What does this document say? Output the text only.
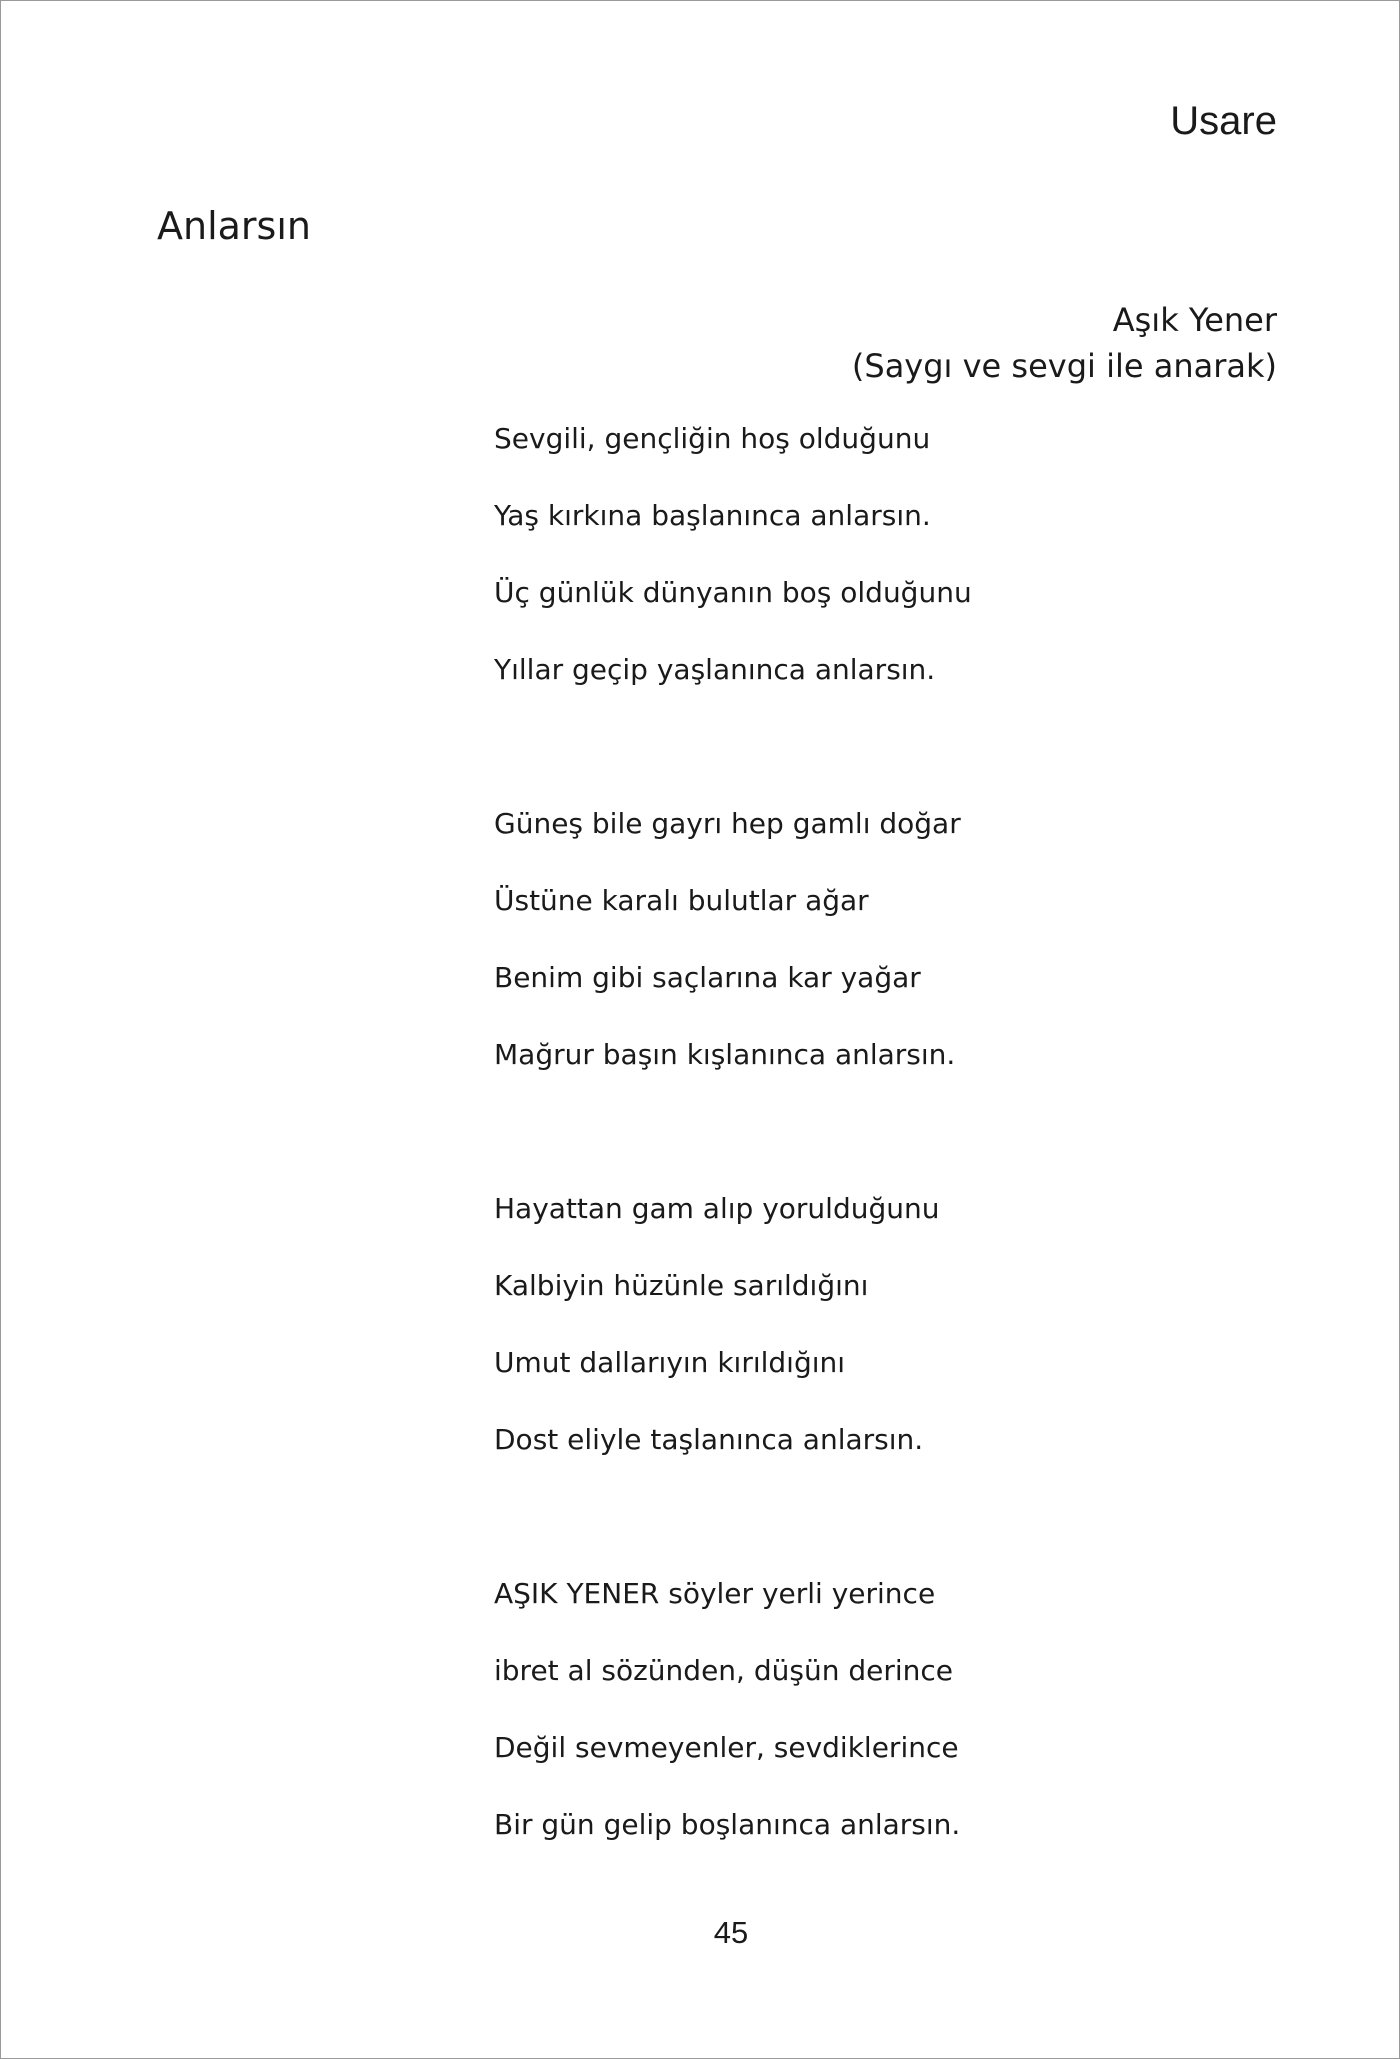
Usare
Anlarsın
Aşık Yener
(Saygı ve sevgi ile anarak)
Sevgili, gençliğin hoş olduğunu
Yaş kırkına başlanınca anlarsın.
Üç günlük dünyanın boş olduğunu
Yıllar geçip yaşlanınca anlarsın.
Güneş bile gayrı hep gamlı doğar
Üstüne karalı bulutlar ağar
Benim gibi saçlarına kar yağar
Mağrur başın kışlanınca anlarsın.
Hayattan gam alıp yorulduğunu
Kalbiyin hüzünle sarıldığını
Umut dallarıyın kırıldığını
Dost eliyle taşlanınca anlarsın.
AŞIK YENER söyler yerli yerince
ibret al sözünden, düşün derince
Değil sevmeyenler, sevdiklerince
Bir gün gelip boşlanınca anlarsın.
45
